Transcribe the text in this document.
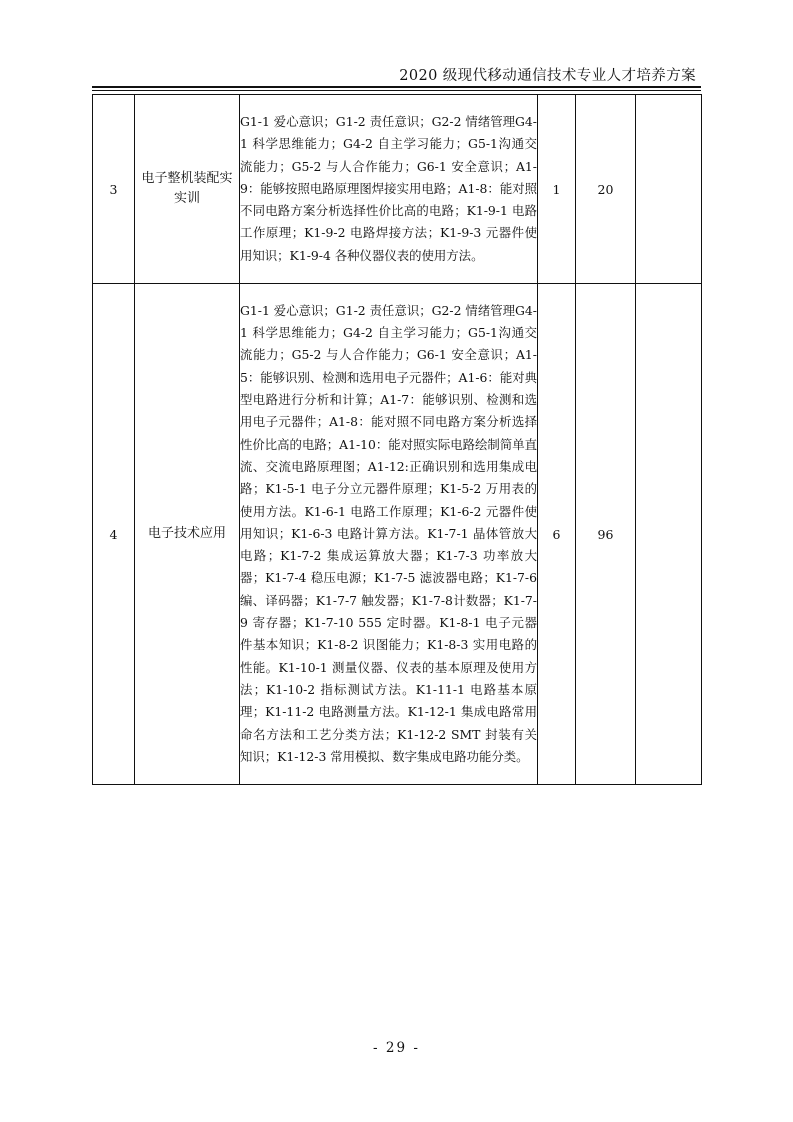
2020 级现代移动通信技术专业人才培养方案
3	电子整机装配实实训	G1-1 爱心意识；G1-2 责任意识；G2-2 情绪管理G4-1 科学思维能力；G4-2 自主学习能力；G5-1沟通交流能力；G5-2 与人合作能力；G6-1 安全意识；A1-9：能够按照电路原理图焊接实用电路；A1-8：能对照不同电路方案分析选择性价比高的电路；K1-9-1 电路工作原理；K1-9-2 电路焊接方法；K1-9-3 元器件使用知识；K1-9-4 各种仪器仪表的使用方法。	1	20	
4	电子技术应用	G1-1 爱心意识；G1-2 责任意识；G2-2 情绪管理G4-1 科学思维能力；G4-2 自主学习能力；G5-1沟通交流能力；G5-2 与人合作能力；G6-1 安全意识；A1-5：能够识别、检测和选用电子元器件；A1-6：能对典型电路进行分析和计算；A1-7：能够识别、检测和选用电子元器件；A1-8：能对照不同电路方案分析选择性价比高的电路；A1-10：能对照实际电路绘制简单直流、交流电路原理图；A1-12:正确识别和选用集成电路；K1-5-1 电子分立元器件原理；K1-5-2 万用表的使用方法。K1-6-1 电路工作原理；K1-6-2 元器件使用知识；K1-6-3 电路计算方法。K1-7-1 晶体管放大电路；K1-7-2 集成运算放大器；K1-7-3 功率放大器；K1-7-4 稳压电源；K1-7-5 滤波器电路；K1-7-6 编、译码器；K1-7-7 触发器；K1-7-8计数器；K1-7-9 寄存器；K1-7-10 555 定时器。K1-8-1 电子元器件基本知识；K1-8-2 识图能力；K1-8-3 实用电路的性能。K1-10-1 测量仪器、仪表的基本原理及使用方法；K1-10-2 指标测试方法。K1-11-1 电路基本原理；K1-11-2 电路测量方法。K1-12-1 集成电路常用命名方法和工艺分类方法；K1-12-2 SMT 封装有关知识；K1-12-3 常用模拟、数字集成电路功能分类。	6	96	
- 29 -
